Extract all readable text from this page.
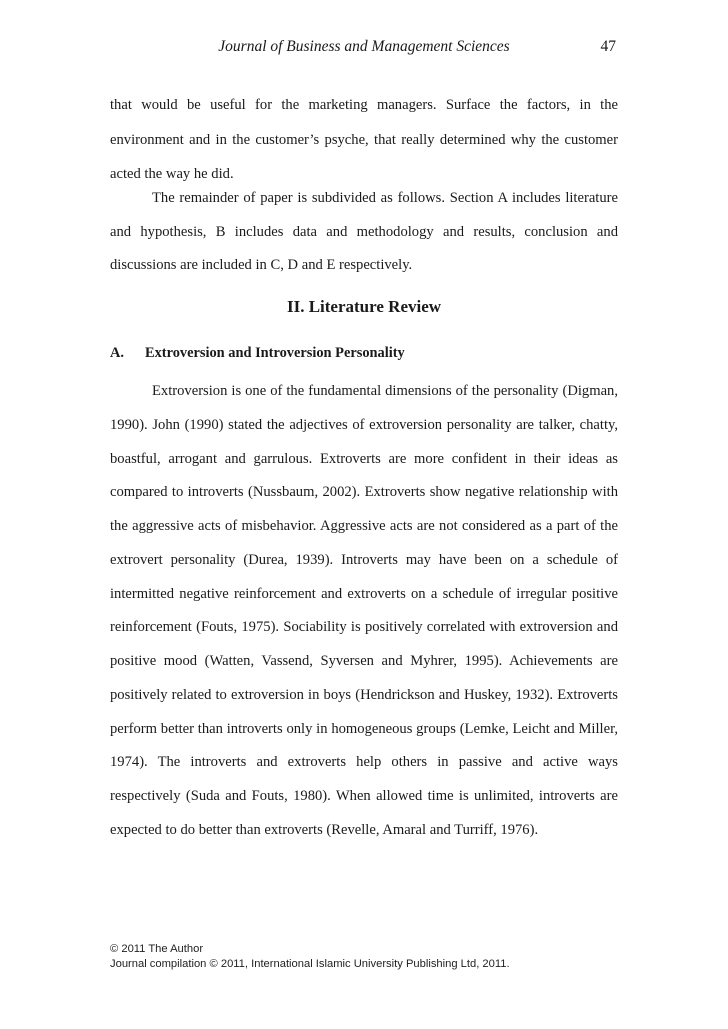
Journal of Business and Management Sciences	47

that would be useful for the marketing managers. Surface the factors, in the environment and in the customer’s psyche, that really determined why the customer acted the way he did.

The remainder of paper is subdivided as follows. Section A includes literature and hypothesis, B includes data and methodology and results, conclusion and discussions are included in C, D and E respectively.

II. Literature Review
A. Extroversion and Introversion Personality

Extroversion is one of the fundamental dimensions of the personality (Digman, 1990). John (1990) stated the adjectives of extroversion personality are talker, chatty, boastful, arrogant and garrulous. Extroverts are more confident in their ideas as compared to introverts (Nussbaum, 2002). Extroverts show negative relationship with the aggressive acts of misbehavior. Aggressive acts are not considered as a part of the extrovert personality (Durea, 1939). Introverts may have been on a schedule of intermitted negative reinforcement and extroverts on a schedule of irregular positive reinforcement (Fouts, 1975). Sociability is positively correlated with extroversion and positive mood (Watten, Vassend, Syversen and Myhrer, 1995). Achievements are positively related to extroversion in boys (Hendrickson and Huskey, 1932). Extroverts perform better than introverts only in homogeneous groups (Lemke, Leicht and Miller, 1974). The introverts and extroverts help others in passive and active ways respectively (Suda and Fouts, 1980). When allowed time is unlimited, introverts are expected to do better than extroverts (Revelle, Amaral and Turriff, 1976).

© 2011 The Author
Journal compilation © 2011, International Islamic University Publishing Ltd, 2011.
